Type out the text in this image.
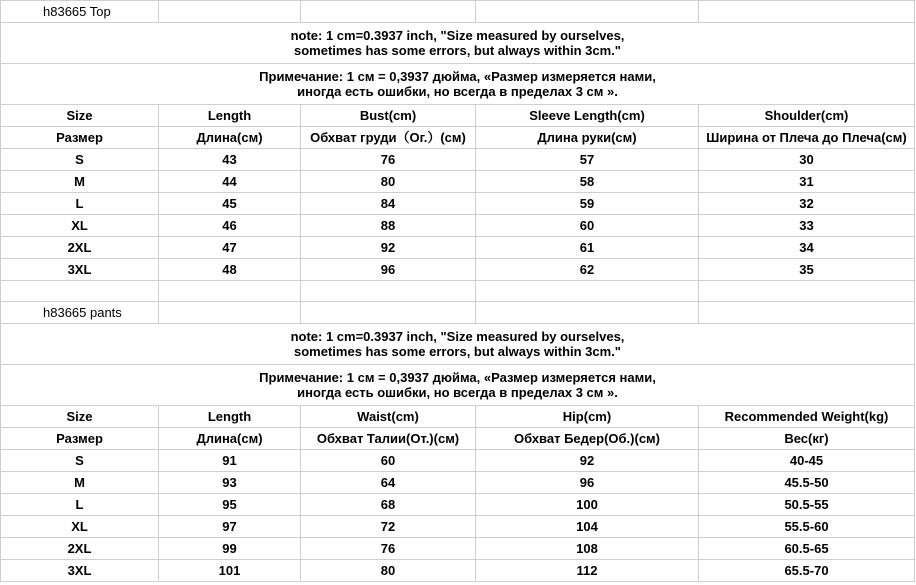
h83665 Top				

note: 1 cm=0.3937 inch, "Size measured by ourselves,
sometimes has some errors, but always within 3cm."				

Примечание: 1 см = 0,3937 дюйма, «Размер измеряется нами,
иногда есть ошибки, но всегда в пределах 3 см ».				

Size	Length	Bust(cm)	Sleeve Length(cm)	Shoulder(cm)
Размер	Длина(см)	Обхват груди（Ог.）(см)	Длина руки(см)	Ширина от Плеча до Плеча(см)
S	43	76	57	30
M	44	80	58	31
L	45	84	59	32
XL	46	88	60	33
2XL	47	92	61	34
3XL	48	96	62	35

h83665 pants				

note: 1 cm=0.3937 inch, "Size measured by ourselves,
sometimes has some errors, but always within 3cm."				

Примечание: 1 см = 0,3937 дюйма, «Размер измеряется нами,
иногда есть ошибки, но всегда в пределах 3 см ».				

Size	Length	Waist(cm)	Hip(cm)	Recommended Weight(kg)
Размер	Длина(см)	Обхват Талии(От.)(см)	Обхват Бедер(Об.)(см)	Вес(кг)
S	91	60	92	40-45
M	93	64	96	45.5-50
L	95	68	100	50.5-55
XL	97	72	104	55.5-60
2XL	99	76	108	60.5-65
3XL	101	80	112	65.5-70
